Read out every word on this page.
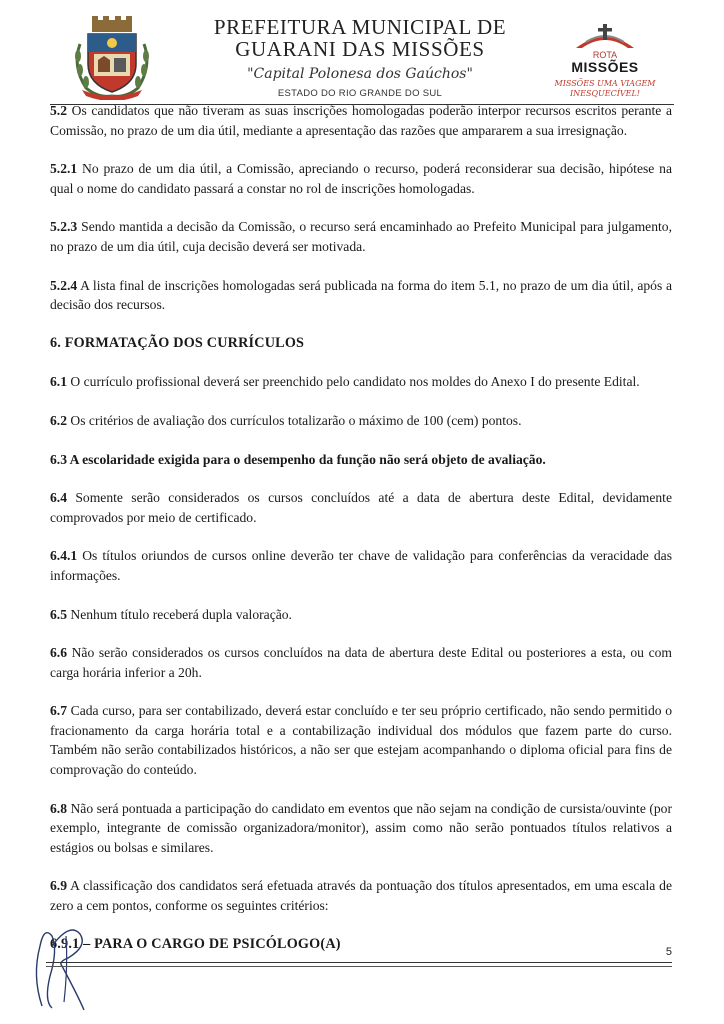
PREFEITURA MUNICIPAL DE
GUARANI DAS MISSÕES
"Capital Polonesa dos Gaúchos"
ESTADO DO RIO GRANDE DO SUL
ROTA
MISSÕES
MISSÕES UMA VIAGEM
INESQUECÍVEL!

5.2 Os candidatos que não tiveram as suas inscrições homologadas poderão interpor recursos escritos perante a Comissão, no prazo de um dia útil, mediante a apresentação das razões que ampararem a sua irresignação.

5.2.1 No prazo de um dia útil, a Comissão, apreciando o recurso, poderá reconsiderar sua decisão, hipótese na qual o nome do candidato passará a constar no rol de inscrições homologadas.

5.2.3 Sendo mantida a decisão da Comissão, o recurso será encaminhado ao Prefeito Municipal para julgamento, no prazo de um dia útil, cuja decisão deverá ser motivada.

5.2.4 A lista final de inscrições homologadas será publicada na forma do item 5.1, no prazo de um dia útil, após a decisão dos recursos.

6. FORMATAÇÃO DOS CURRÍCULOS

6.1 O currículo profissional deverá ser preenchido pelo candidato nos moldes do Anexo I do presente Edital.

6.2 Os critérios de avaliação dos currículos totalizarão o máximo de 100 (cem) pontos.

6.3 A escolaridade exigida para o desempenho da função não será objeto de avaliação.

6.4 Somente serão considerados os cursos concluídos até a data de abertura deste Edital, devidamente comprovados por meio de certificado.

6.4.1 Os títulos oriundos de cursos online deverão ter chave de validação para conferências da veracidade das informações.

6.5 Nenhum título receberá dupla valoração.

6.6 Não serão considerados os cursos concluídos na data de abertura deste Edital ou posteriores a esta, ou com carga horária inferior a 20h.

6.7 Cada curso, para ser contabilizado, deverá estar concluído e ter seu próprio certificado, não sendo permitido o fracionamento da carga horária total e a contabilização individual dos módulos que fazem parte do curso. Também não serão contabilizados históricos, a não ser que estejam acompanhando o diploma oficial para fins de comprovação do conteúdo.

6.8 Não será pontuada a participação do candidato em eventos que não sejam na condição de cursista/ouvinte (por exemplo, integrante de comissão organizadora/monitor), assim como não serão pontuados títulos relativos a estágios ou bolsas e similares.

6.9 A classificação dos candidatos será efetuada através da pontuação dos títulos apresentados, em uma escala de zero a cem pontos, conforme os seguintes critérios:

6.9.1 – PARA O CARGO DE PSICÓLOGO(A)

5
